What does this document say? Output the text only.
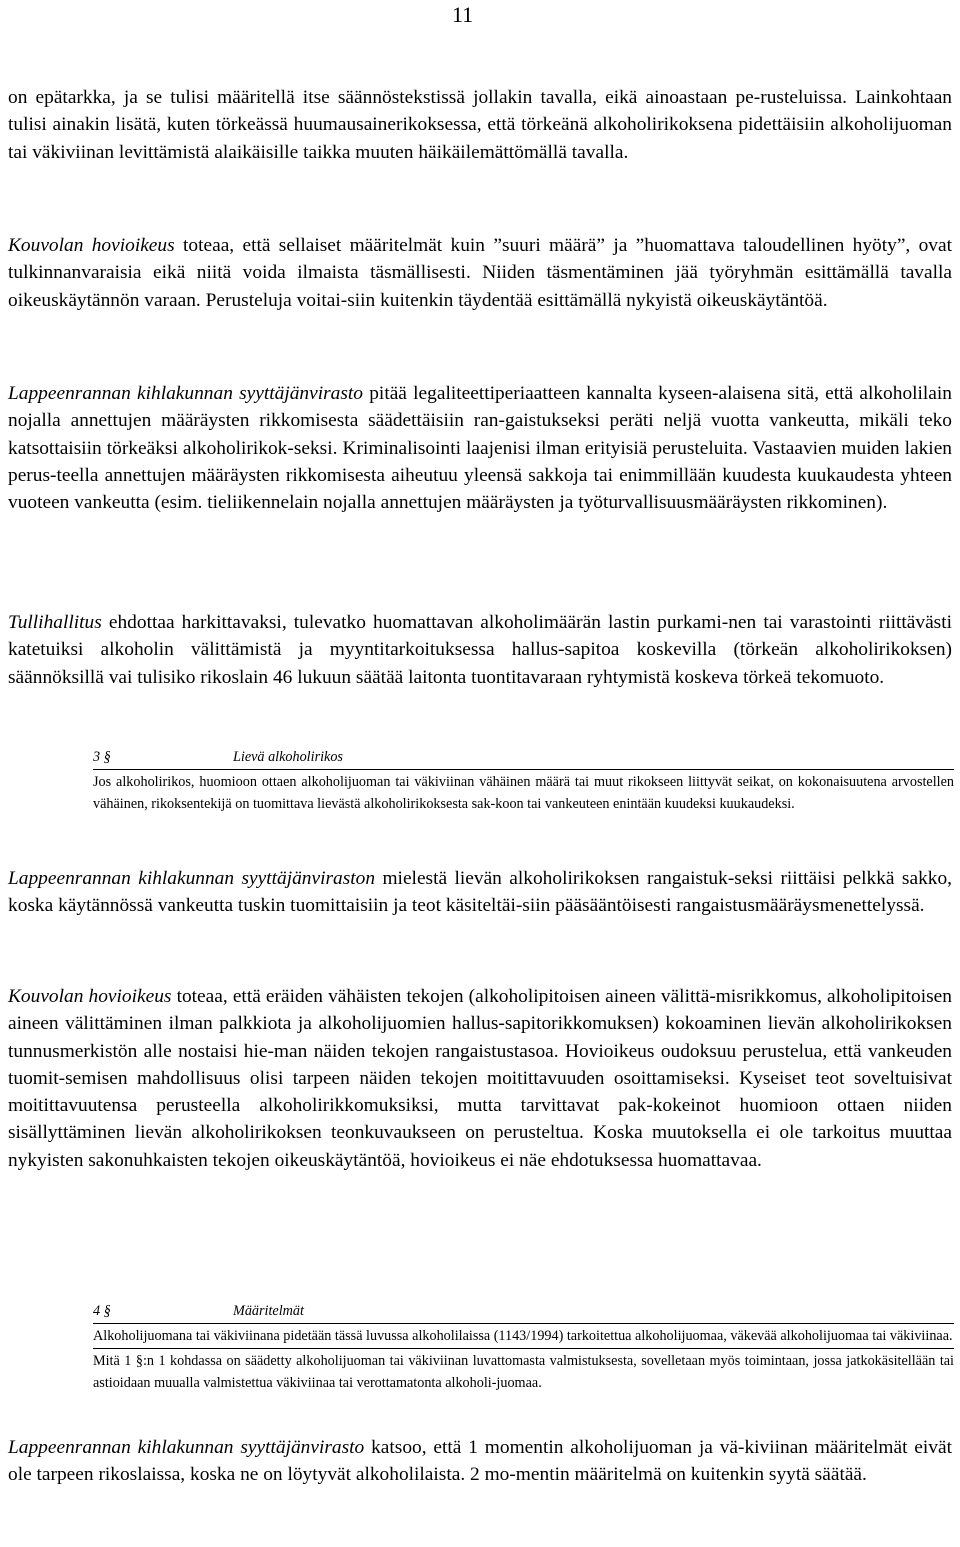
11

on epätarkka, ja se tulisi määritellä itse säännöstekstissä jollakin tavalla, eikä ainoastaan pe-rusteluissa. Lainkohtaan tulisi ainakin lisätä, kuten törkeässä huumausainerikoksessa, että törkeänä alkoholirikoksena pidettäisiin alkoholijuoman tai väkiviinan levittämistä alaikäisille taikka muuten häikäilemättömällä tavalla.

Kouvolan hovioikeus toteaa, että sellaiset määritelmät kuin ”suuri määrä” ja ”huomattava taloudellinen hyöty”, ovat tulkinnanvaraisia eikä niitä voida ilmaista täsmällisesti. Niiden täsmentäminen jää työryhmän esittämällä tavalla oikeuskäytännön varaan. Perusteluja voitai-siin kuitenkin täydentää esittämällä nykyistä oikeuskäytäntöä.

Lappeenrannan kihlakunnan syyttäjänvirasto pitää legaliteettiperiaatteen kannalta kyseen-alaisena sitä, että alkoholilain nojalla annettujen määräysten rikkomisesta säädettäisiin ran-gaistukseksi peräti neljä vuotta vankeutta, mikäli teko katsottaisiin törkeäksi alkoholirikok-seksi. Kriminalisointi laajenisi ilman erityisiä perusteluita. Vastaavien muiden lakien perus-teella annettujen määräysten rikkomisesta aiheutuu yleensä sakkoja tai enimmillään kuudesta kuukaudesta yhteen vuoteen vankeutta (esim. tieliikennelain nojalla annettujen määräysten ja työturvallisuusmääräysten rikkominen).

Tullihallitus ehdottaa harkittavaksi, tulevatko huomattavan alkoholimäärän lastin purkami-nen tai varastointi riittävästi katetuiksi alkoholin välittämistä ja myyntitarkoituksessa hallus-sapitoa koskevilla (törkeän alkoholirikoksen) säännöksillä vai tulisiko rikoslain 46 lukuun säätää laitonta tuontitavaraan ryhtymistä koskeva törkeä tekomuoto.

3 §	Lievä alkoholirikos

Jos alkoholirikos, huomioon ottaen alkoholijuoman tai väkiviinan vähäinen määrä tai muut rikokseen liittyvät seikat, on kokonaisuutena arvostellen vähäinen, rikoksentekijä on tuomittava lievästä alkoholirikoksesta sak-koon tai vankeuteen enintään kuudeksi kuukaudeksi.

Lappeenrannan kihlakunnan syyttäjänviraston mielestä lievän alkoholirikoksen rangaistuk-seksi riittäisi pelkkä sakko, koska käytännössä vankeutta tuskin tuomittaisiin ja teot käsiteltäi-siin pääsääntöisesti rangaistusmääräysmenettelyssä.

Kouvolan hovioikeus toteaa, että eräiden vähäisten tekojen (alkoholipitoisen aineen välittä-misrikkomus, alkoholipitoisen aineen välittäminen ilman palkkiota ja alkoholijuomien hallus-sapitorikkomuksen) kokoaminen lievän alkoholirikoksen tunnusmerkistön alle nostaisi hie-man näiden tekojen rangaistustasoa. Hovioikeus oudoksuu perustelua, että vankeuden tuomit-semisen mahdollisuus olisi tarpeen näiden tekojen moitittavuuden osoittamiseksi. Kyseiset teot soveltuisivat moitittavuutensa perusteella alkoholirikkomuksiksi, mutta tarvittavat pak-kokeinot huomioon ottaen niiden sisällyttäminen lievän alkoholirikoksen teonkuvaukseen on perusteltua. Koska muutoksella ei ole tarkoitus muuttaa nykyisten sakonuhkaisten tekojen oikeuskäytäntöä, hovioikeus ei näe ehdotuksessa huomattavaa.

4 §	Määritelmät

Alkoholijuomana tai väkiviinana pidetään tässä luvussa alkoholilaissa (1143/1994) tarkoitettua alkoholijuomaa, väkevää alkoholijuomaa tai väkiviinaa.

Mitä 1 §:n 1 kohdassa on säädetty alkoholijuoman tai väkiviinan luvattomasta valmistuksesta, sovelletaan myös toimintaan, jossa jatkokäsitellään tai astioidaan muualla valmistettua väkiviinaa tai verottamatonta alkoholi-juomaa.

Lappeenrannan kihlakunnan syyttäjänvirasto katsoo, että 1 momentin alkoholijuoman ja vä-kiviinan määritelmät eivät ole tarpeen rikoslaissa, koska ne on löytyvät alkoholilaista. 2 mo-mentin määritelmä on kuitenkin syytä säätää.
